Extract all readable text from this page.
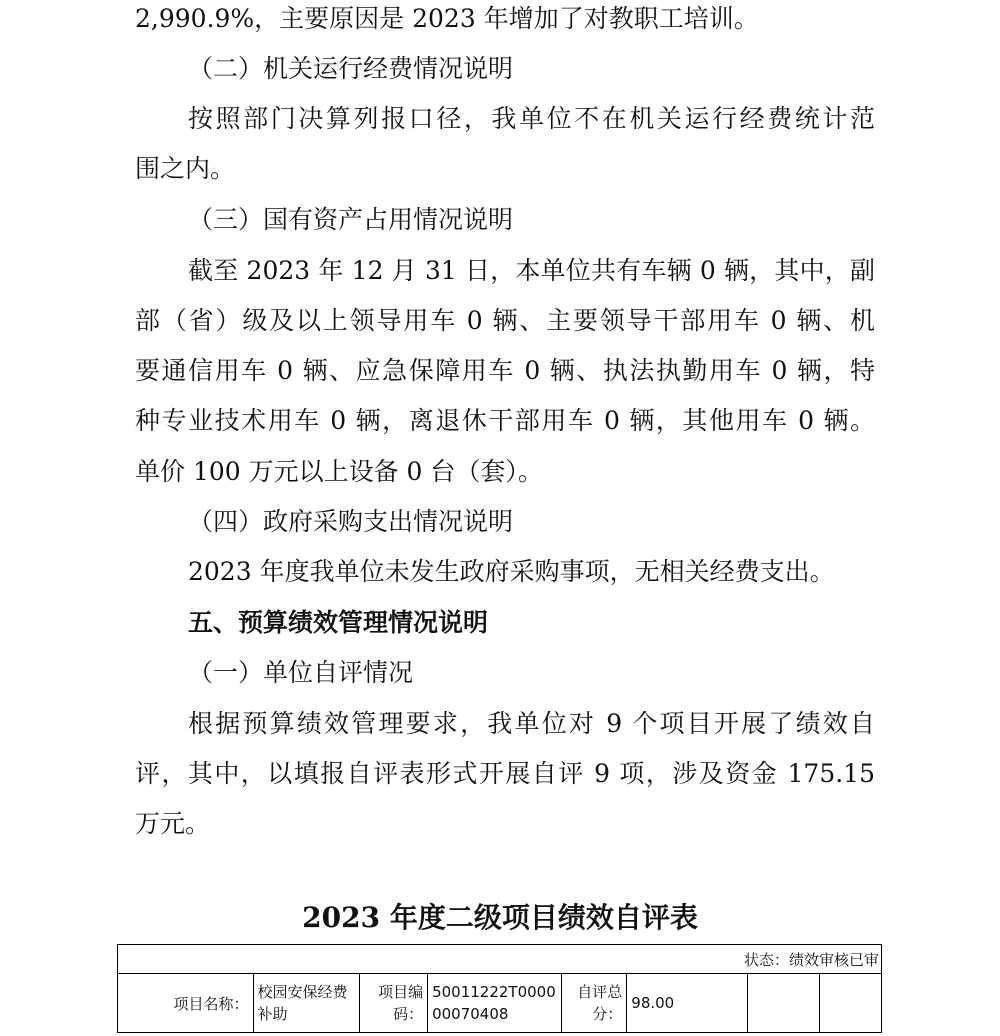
2,990.9%，主要原因是 2023 年增加了对教职工培训。
（二）机关运行经费情况说明
按照部门决算列报口径，我单位不在机关运行经费统计范
围之内。
（三）国有资产占用情况说明
截至 2023 年 12 月 31 日，本单位共有车辆 0 辆，其中，副
部（省）级及以上领导用车 0 辆、主要领导干部用车 0 辆、机
要通信用车 0 辆、应急保障用车 0 辆、执法执勤用车 0 辆，特
种专业技术用车 0 辆，离退休干部用车 0 辆，其他用车 0 辆。
单价 100 万元以上设备 0 台（套）。
（四）政府采购支出情况说明
2023 年度我单位未发生政府采购事项，无相关经费支出。
五、预算绩效管理情况说明
（一）单位自评情况
根据预算绩效管理要求，我单位对 9 个项目开展了绩效自
评，其中，以填报自评表形式开展自评 9 项，涉及资金 175.15
万元。
2023 年度二级项目绩效自评表
状态：绩效审核已审
项目名称：	校园安保经费补助	项目编码：	50011222T000000070408	自评总分：	98.00		
